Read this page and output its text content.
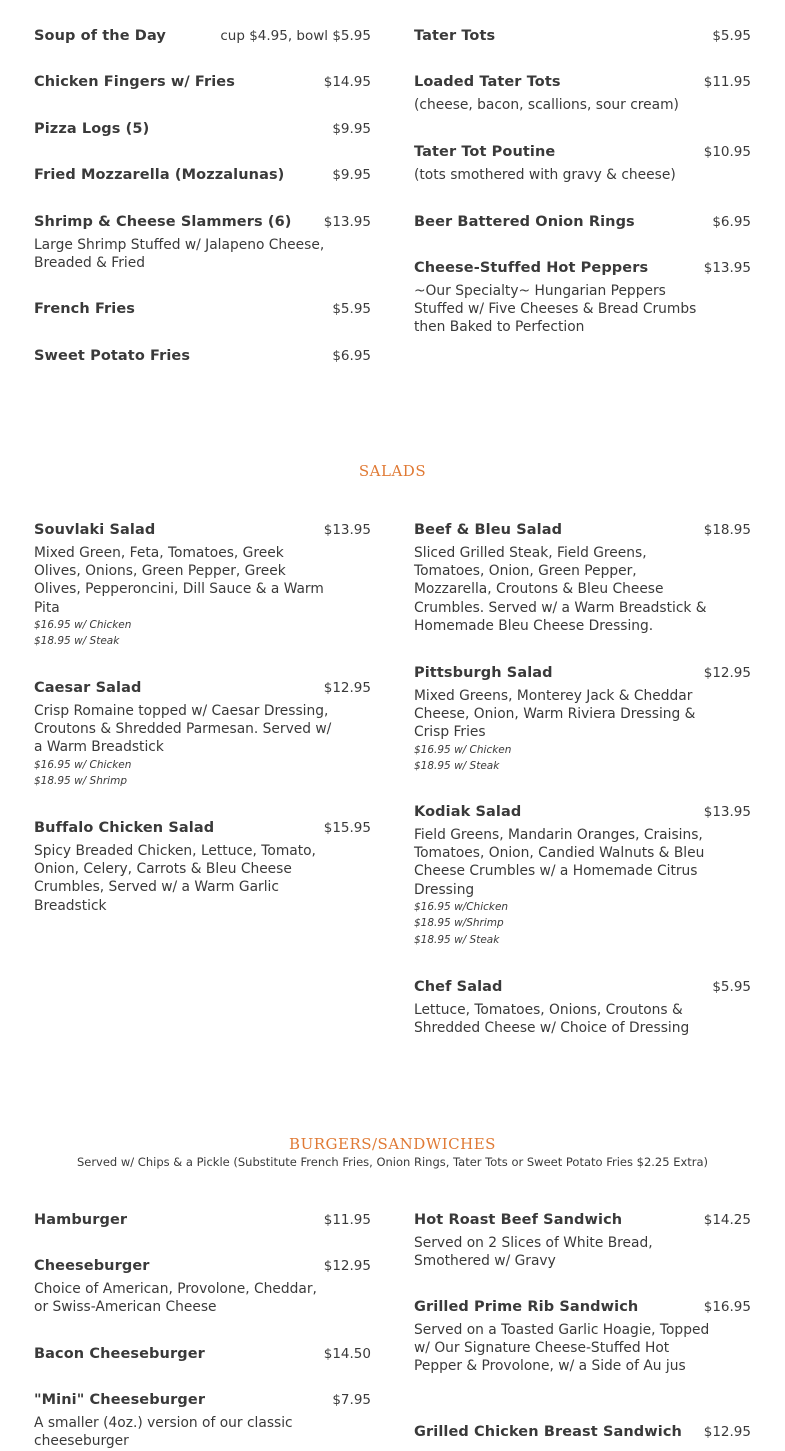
Soup of the Day	cup $4.95, bowl $5.95
Chicken Fingers w/ Fries	$14.95
Pizza Logs (5)	$9.95
Fried Mozzarella (Mozzalunas)	$9.95
Shrimp & Cheese Slammers (6) $13.95
Large Shrimp Stuffed w/ Jalapeno Cheese, Breaded & Fried
French Fries	$5.95
Sweet Potato Fries	$6.95
Tater Tots	$5.95
Loaded Tater Tots	$11.95
(cheese, bacon, scallions, sour cream)
Tater Tot Poutine	$10.95
(tots smothered with gravy & cheese)
Beer Battered Onion Rings	$6.95
Cheese-Stuffed Hot Peppers	$13.95
~Our Specialty~ Hungarian Peppers Stuffed w/ Five Cheeses & Bread Crumbs then Baked to Perfection
SALADS
Souvlaki Salad	$13.95
Mixed Green, Feta, Tomatoes, Greek Olives, Onions, Green Pepper, Greek Olives, Pepperoncini, Dill Sauce & a Warm Pita
$16.95 w/ Chicken
$18.95 w/ Steak
Caesar Salad	$12.95
Crisp Romaine topped w/ Caesar Dressing, Croutons & Shredded Parmesan. Served w/ a Warm Breadstick
$16.95 w/ Chicken
$18.95 w/ Shrimp
Buffalo Chicken Salad	$15.95
Spicy Breaded Chicken, Lettuce, Tomato, Onion, Celery, Carrots & Bleu Cheese Crumbles, Served w/ a Warm Garlic Breadstick
Beef & Bleu Salad	$18.95
Sliced Grilled Steak, Field Greens, Tomatoes, Onion, Green Pepper, Mozzarella, Croutons & Bleu Cheese Crumbles. Served w/ a Warm Breadstick & Homemade Bleu Cheese Dressing.
Pittsburgh Salad	$12.95
Mixed Greens, Monterey Jack & Cheddar Cheese, Onion, Warm Riviera Dressing & Crisp Fries
$16.95 w/ Chicken
$18.95 w/ Steak
Kodiak Salad	$13.95
Field Greens, Mandarin Oranges, Craisins, Tomatoes, Onion, Candied Walnuts & Bleu Cheese Crumbles w/ a Homemade Citrus Dressing
$16.95 w/Chicken
$18.95 w/Shrimp
$18.95 w/ Steak
Chef Salad	$5.95
Lettuce, Tomatoes, Onions, Croutons & Shredded Cheese w/ Choice of Dressing
BURGERS/SANDWICHES
Served w/ Chips & a Pickle (Substitute French Fries, Onion Rings, Tater Tots or Sweet Potato Fries $2.25 Extra)
Hamburger	$11.95
Cheeseburger	$12.95
Choice of American, Provolone, Cheddar, or Swiss-American Cheese
Bacon Cheeseburger	$14.50
"Mini" Cheeseburger	$7.95
A smaller (4oz.) version of our classic cheeseburger
Hot Roast Beef Sandwich	$14.25
Served on 2 Slices of White Bread, Smothered w/ Gravy
Grilled Prime Rib Sandwich	$16.95
Served on a Toasted Garlic Hoagie, Topped w/ Our Signature Cheese-Stuffed Hot Pepper & Provolone, w/ a Side of Au jus
Grilled Chicken Breast Sandwich $12.95
